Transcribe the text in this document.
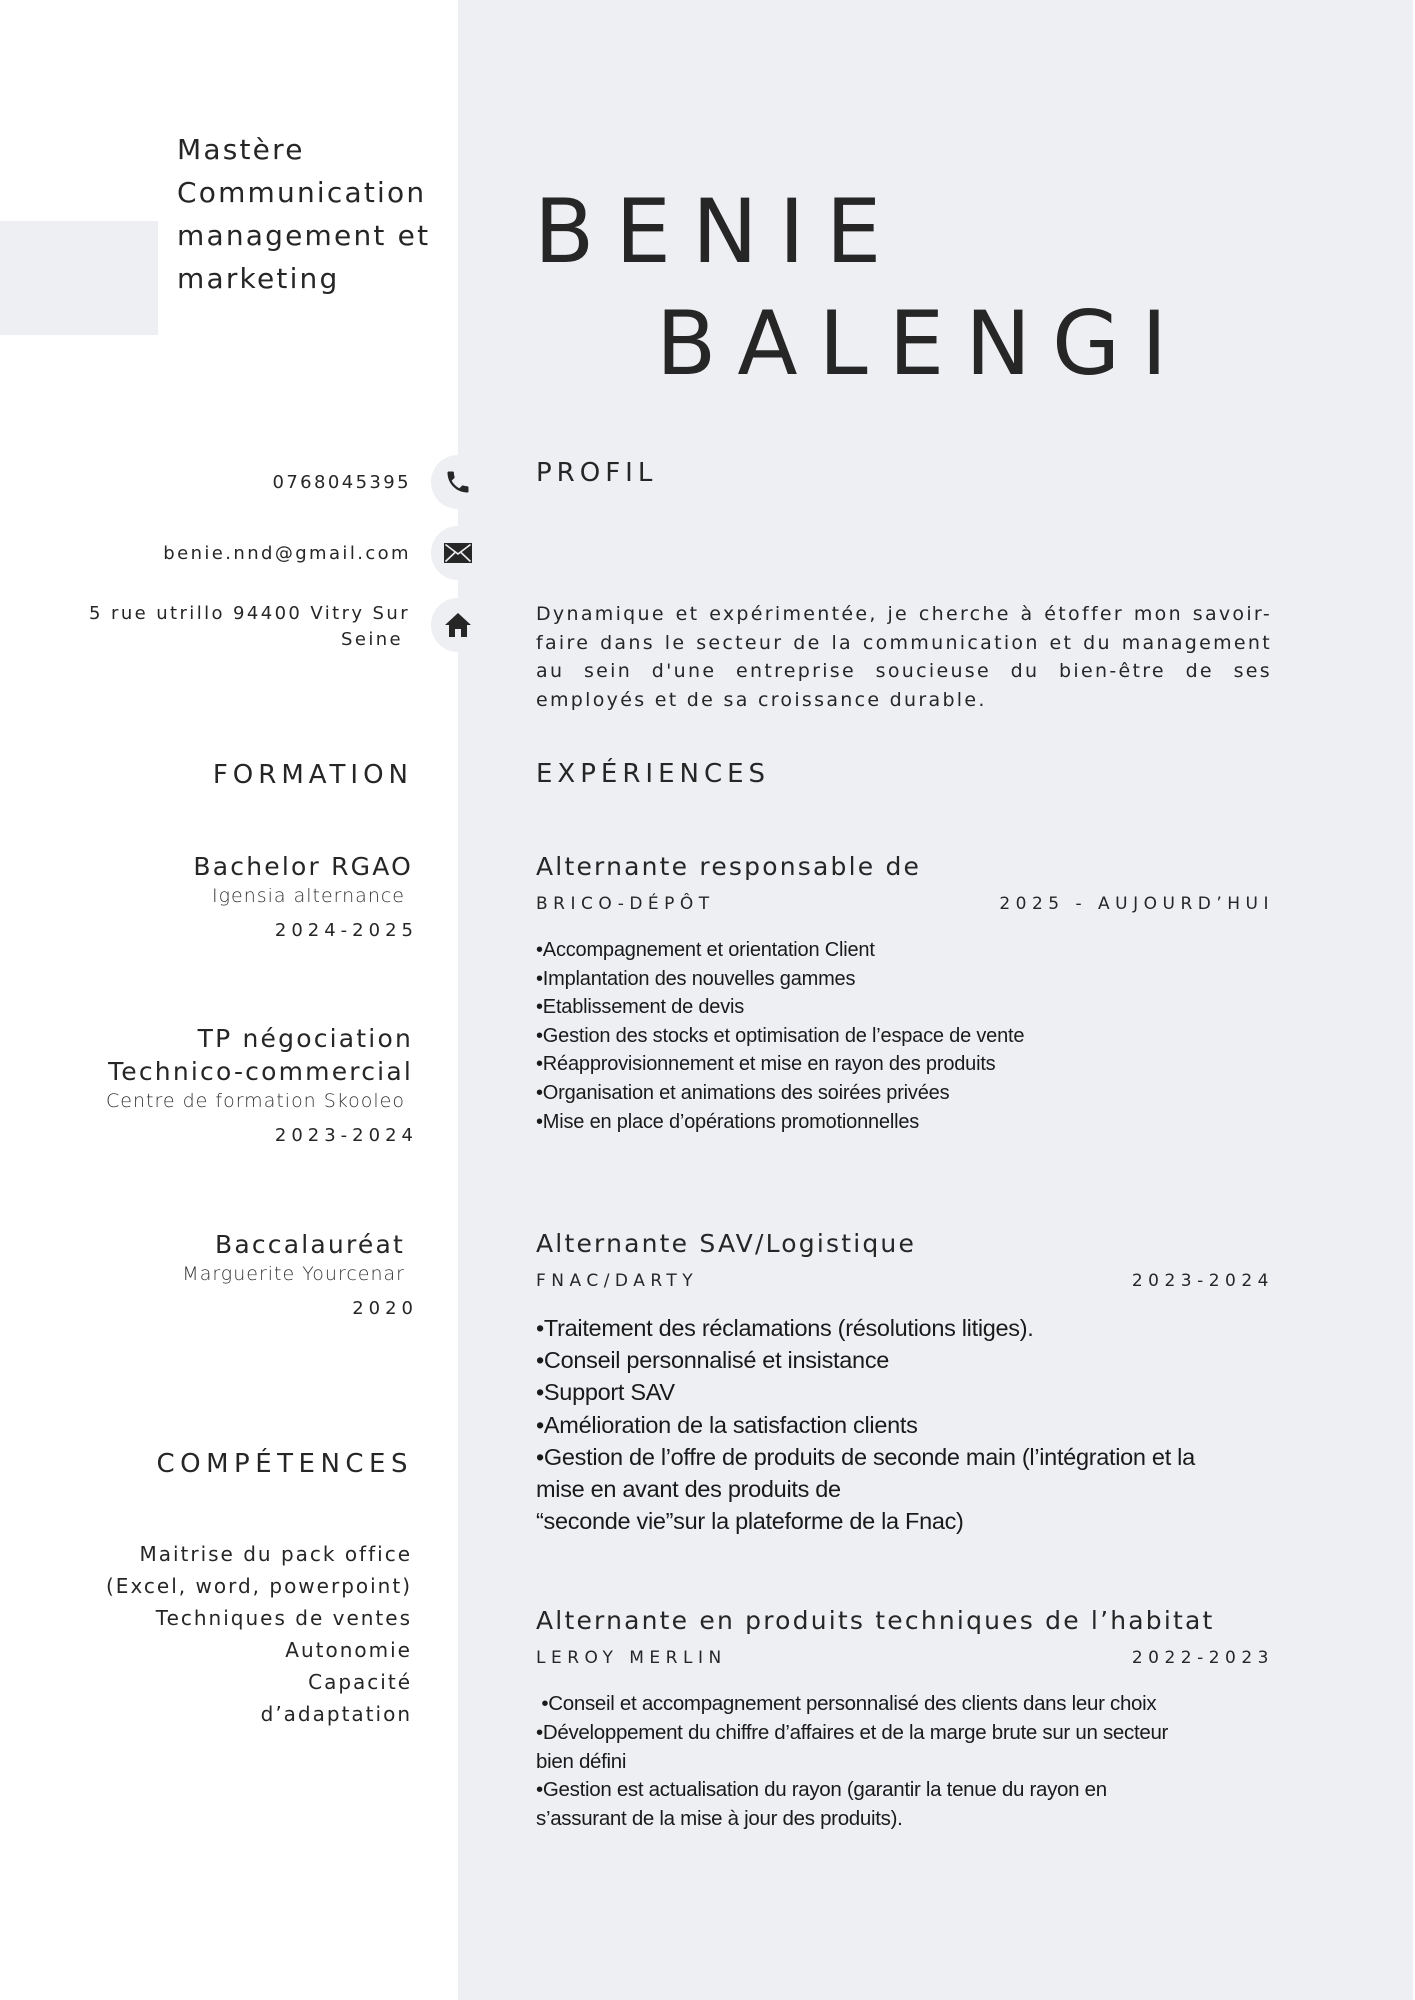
Mastère
Communication
management et
marketing	BENIE
BALENGI
0768045395
benie.nnd@gmail.com
5 rue utrillo 94400 Vitry Sur
Seine
FORMATION
Bachelor RGAO
Igensia alternance
2024-2025
TP négociation
Technico-commercial
Centre de formation Skooleo
2023-2024
Baccalauréat
Marguerite Yourcenar
2020
COMPÉTENCES
Maitrise du pack office
(Excel, word, powerpoint)
Techniques de ventes
Autonomie
Capacité
d’adaptation
PROFIL
Dynamique et expérimentée, je cherche à étoffer mon savoir-
faire dans le secteur de la communication et du management
au sein d'une entreprise soucieuse du bien-être de ses
employés et de sa croissance durable.
EXPÉRIENCES
Alternante responsable de
BRICO-DÉPÔT	2025 - AUJOURD’HUI
•Accompagnement et orientation Client
•Implantation des nouvelles gammes
•Etablissement de devis
•Gestion des stocks et optimisation de l’espace de vente
•Réapprovisionnement et mise en rayon des produits
•Organisation et animations des soirées privées
•Mise en place d’opérations promotionnelles
Alternante SAV/Logistique
FNAC/DARTY	2023-2024
•Traitement des réclamations (résolutions litiges).
•Conseil personnalisé et insistance
•Support SAV
•Amélioration de la satisfaction clients
•Gestion de l’offre de produits de seconde main (l’intégration et la
mise en avant des produits de
“seconde vie”sur la plateforme de la Fnac)
Alternante en produits techniques de l’habitat
LEROY MERLIN	2022-2023
•Conseil et accompagnement personnalisé des clients dans leur choix
•Développement du chiffre d’affaires et de la marge brute sur un secteur
bien défini
•Gestion est actualisation du rayon (garantir la tenue du rayon en
s’assurant de la mise à jour des produits).
